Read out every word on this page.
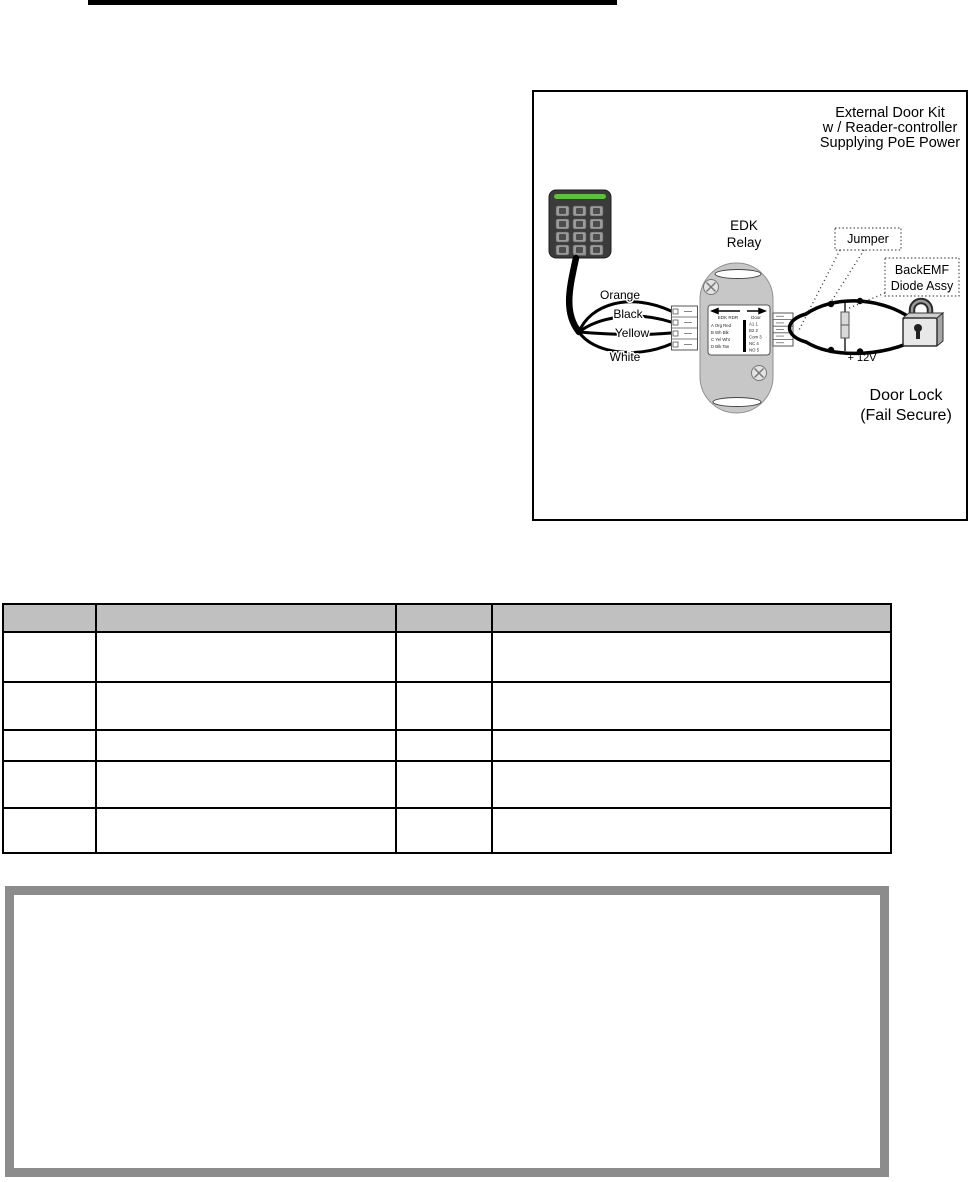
External Door Kit
w / Reader-controller
Supplying PoE Power
Orange
Black
Yellow
White
EDK
Relay
EDK RDR	Door
A Org Red
B Wh Blk
C Yel Wht
D Blk Tan
A1 1
B2 2
Com 3
NC 4
NO 5
+ 12V
Jumper
BackEMF
Diode Assy
Door Lock
(Fail Secure)
